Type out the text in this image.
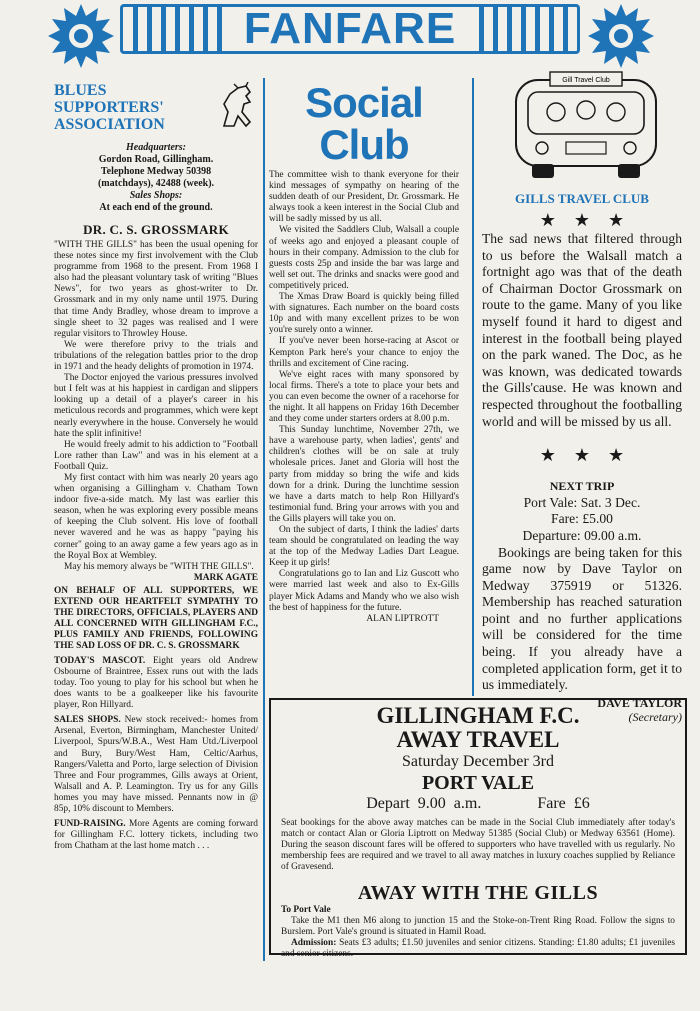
FANFARE
BLUES
SUPPORTERS'
ASSOCIATION
Headquarters:
Gordon Road, Gillingham.
Telephone Medway 50398
(matchdays), 42488 (week).
Sales Shops:
At each end of the ground.
DR. C. S. GROSSMARK
"WITH THE GILLS" has been the usual opening for these notes since my first involvement with the Club programme from 1968 to the present. From 1968 I also had the pleasant voluntary task of writing "Blues News", for two years as ghost-writer to Dr. Grossmark and in my only name until 1975. During that time Andy Bradley, whose dream to improve a single sheet to 32 pages was realised and I were regular visitors to Throwley House.
We were therefore privy to the trials and tribulations of the relegation battles prior to the drop in 1971 and the heady delights of promotion in 1974.
The Doctor enjoyed the various pressures involved but I felt was at his happiest in cardigan and slippers looking up a detail of a player's career in his meticulous records and programmes, which were kept nearly everywhere in the house. Conversely he would hate the split infinitive!
He would freely admit to his addiction to "Football Lore rather than Law" and was in his element at a Football Quiz.
My first contact with him was nearly 20 years ago when organising a Gillingham v. Chatham Town indoor five-a-side match. My last was earlier this season, when he was exploring every possible means of keeping the Club solvent. His love of football never wavered and he was as happy "paying his corner" going to an away game a few years ago as in the Royal Box at Wembley.
May his memory always be "WITH THE GILLS".
MARK AGATE
ON BEHALF OF ALL SUPPORTERS, WE EXTEND OUR HEARTFELT SYMPATHY TO THE DIRECTORS, OFFICIALS, PLAYERS AND ALL CONCERNED WITH GILLINGHAM F.C., PLUS FAMILY AND FRIENDS, FOLLOWING THE SAD LOSS OF DR. C. S. GROSSMARK
TODAY'S MASCOT. Eight years old Andrew Osbourne of Braintree, Essex runs out with the lads today. Too young to play for his school but when he does wants to be a goalkeeper like his favourite player, Ron Hillyard.
SALES SHOPS. New stock received:- homes from Arsenal, Everton, Birmingham, Manchester United/ Liverpool, Spurs/W.B.A., West Ham Utd./Liverpool and Bury, Bury/West Ham, Celtic/Aarhus, Rangers/Valetta and Porto, large selection of Division Three and Four programmes, Gills aways at Orient, Walsall and A. P. Leamington. Try us for any Gills homes you may have missed. Pennants now in @ 85p, 10% discount to Members.
FUND-RAISING. More Agents are coming forward for Gillingham F.C. lottery tickets, including two from Chatham at the last home match . . .
Social
Club
The committee wish to thank everyone for their kind messages of sympathy on hearing of the sudden death of our President, Dr. Grossmark. He always took a keen interest in the Social Club and will be sadly missed by us all.
We visited the Saddlers Club, Walsall a couple of weeks ago and enjoyed a pleasant couple of hours in their company. Admission to the club for guests costs 25p and inside the bar was large and well set out. The drinks and snacks were good and competitively priced.
The Xmas Draw Board is quickly being filled with signatures. Each number on the board costs 10p and with many excellent prizes to be won you're surely onto a winner.
If you've never been horse-racing at Ascot or Kempton Park here's your chance to enjoy the thrills and excitement of Cine racing.
We've eight races with many sponsored by local firms. There's a tote to place your bets and you can even become the owner of a racehorse for the night. It all happens on Friday 16th December and they come under starters orders at 8.00 p.m.
This Sunday lunchtime, November 27th, we have a warehouse party, when ladies', gents' and children's clothes will be on sale at truly wholesale prices. Janet and Gloria will host the party from midday so bring the wife and kids down for a drink. During the lunchtime session we have a darts match to help Ron Hillyard's testimonial fund. Bring your arrows with you and the Gills players will take you on.
On the subject of darts, I think the ladies' darts team should be congratulated on leading the way at the top of the Medway Ladies Dart League. Keep it up girls!
Congratulations go to Ian and Liz Guscott who were married last week and also to Ex-Gills player Mick Adams and Mandy who we also wish the best of happiness for the future.
ALAN LIPTROTT
Gill Travel Club
GILLS TRAVEL CLUB
★★★
The sad news that filtered through to us before the Walsall match a fortnight ago was that of the death of Chairman Doctor Grossmark on route to the game. Many of you like myself found it hard to digest and interest in the football being played on the park waned. The Doc, as he was known, was dedicated towards the Gills'cause. He was known and respected throughout the footballing world and will be missed by us all.
★★★
NEXT TRIP
Port Vale: Sat. 3 Dec.
Fare: £5.00
Departure: 09.00 a.m.
Bookings are being taken for this game now by Dave Taylor on Medway 375919 or 51326. Membership has reached saturation point and no further applications will be considered for the time being. If you already have a completed application form, get it to us immediately.
DAVE TAYLOR
(Secretary)
GILLINGHAM F.C.
AWAY TRAVEL
Saturday December 3rd
PORT VALE
Depart 9.00 a.m.	Fare £6
Seat bookings for the above away matches can be made in the Social Club immediately after today's match or contact Alan or Gloria Liptrott on Medway 51385 (Social Club) or Medway 63561 (Home). During the season discount fares will be offered to supporters who have travelled with us regularly. No membership fees are required and we travel to all away matches in luxury coaches supplied by Reliance of Gravesend.
AWAY WITH THE GILLS
To Port Vale
Take the M1 then M6 along to junction 15 and the Stoke-on-Trent Ring Road. Follow the signs to Burslem. Port Vale's ground is situated in Hamil Road.
Admission: Seats £3 adults; £1.50 juveniles and senior citizens. Standing: £1.80 adults; £1 juveniles and senior citizens.
